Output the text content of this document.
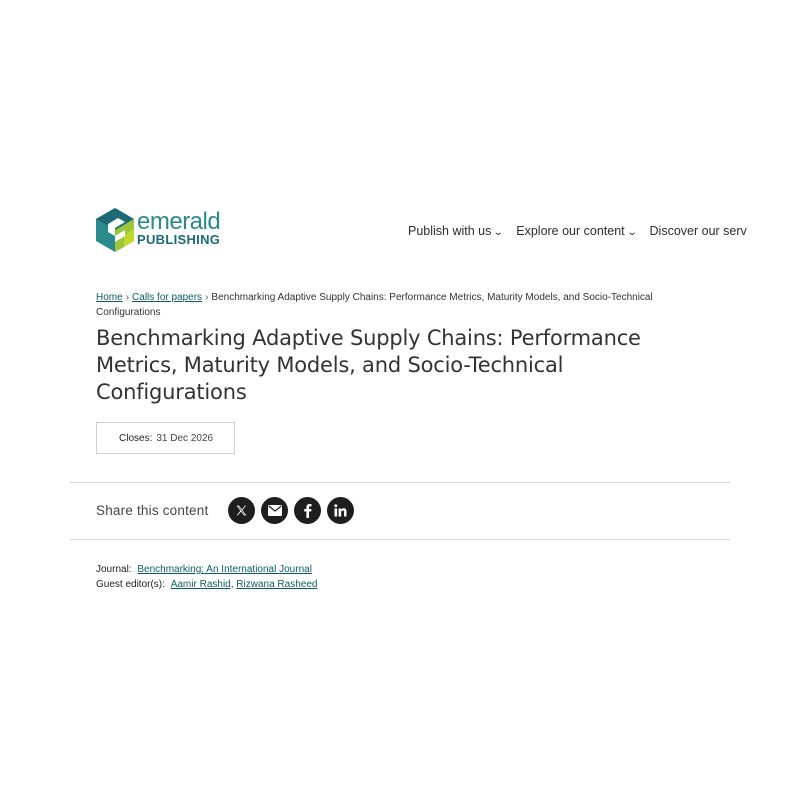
emerald
PUBLISHING
Publish with us ⌄ Explore our content ⌄ Discover our serv
Home › Calls for papers › Benchmarking Adaptive Supply Chains: Performance Metrics, Maturity Models, and Socio-Technical Configurations
Benchmarking Adaptive Supply Chains: Performance Metrics, Maturity Models, and Socio-Technical Configurations
Closes: 31 Dec 2026
Share this content
Journal: Benchmarking: An International Journal
Guest editor(s): Aamir Rashid, Rizwana Rasheed
